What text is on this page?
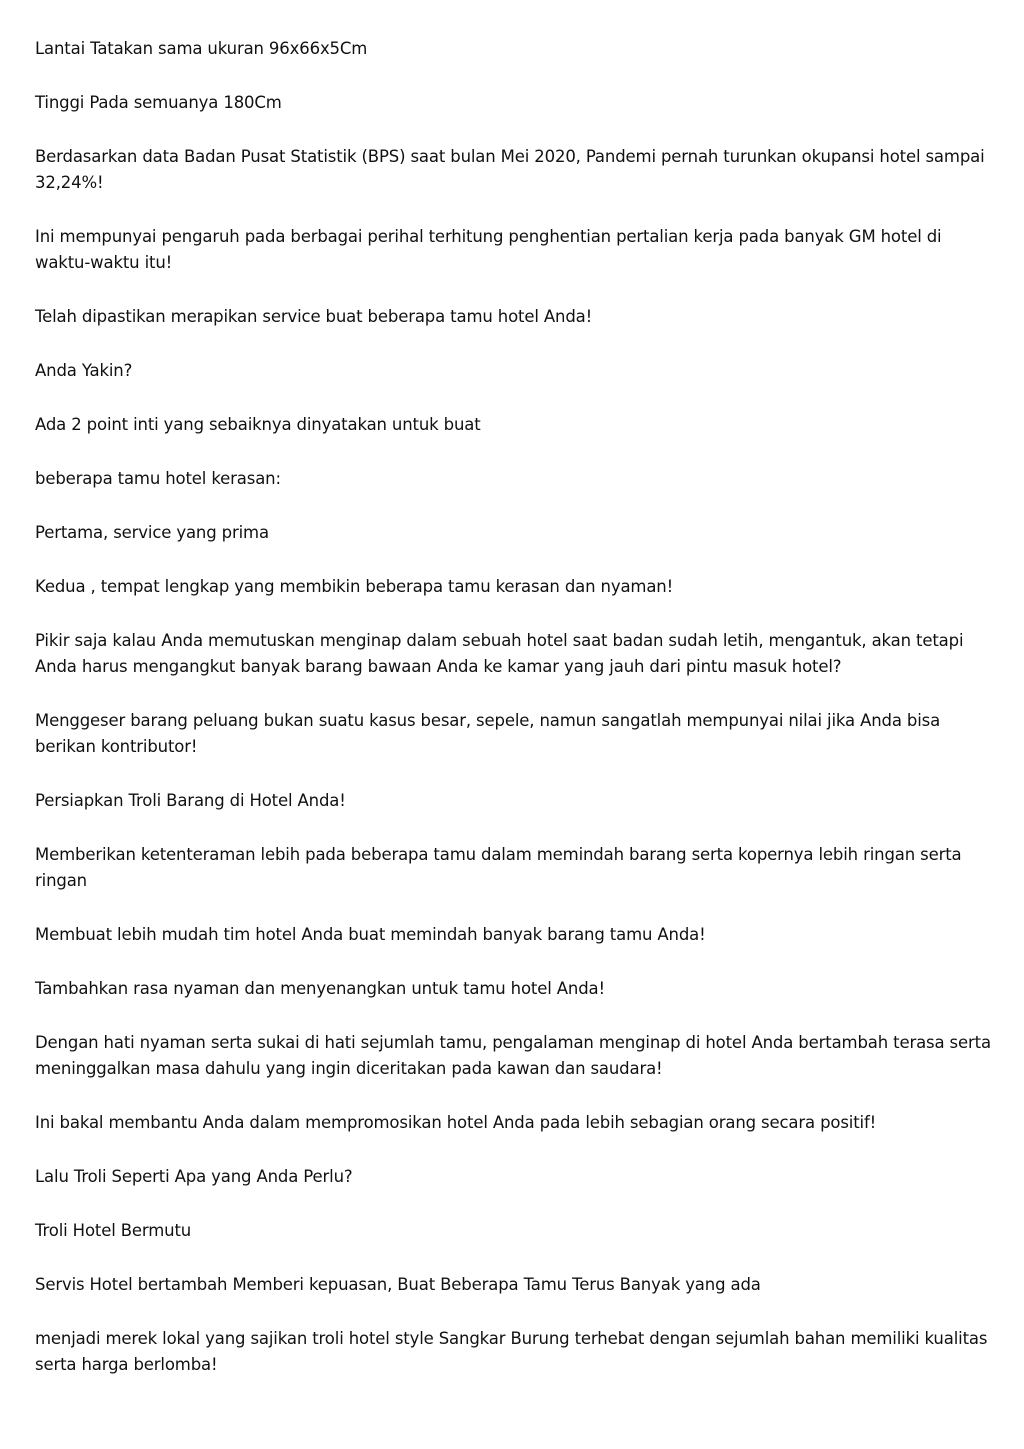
Lantai Tatakan sama ukuran 96x66x5Cm

Tinggi Pada semuanya 180Cm

Berdasarkan data Badan Pusat Statistik (BPS) saat bulan Mei 2020, Pandemi pernah turunkan okupansi hotel sampai 32,24%!

Ini mempunyai pengaruh pada berbagai perihal terhitung penghentian pertalian kerja pada banyak GM hotel di waktu-waktu itu!

Telah dipastikan merapikan service buat beberapa tamu hotel Anda!

Anda Yakin?

Ada 2 point inti yang sebaiknya dinyatakan untuk buat

beberapa tamu hotel kerasan:

Pertama, service yang prima

Kedua , tempat lengkap yang membikin beberapa tamu kerasan dan nyaman!

Pikir saja kalau Anda memutuskan menginap dalam sebuah hotel saat badan sudah letih, mengantuk, akan tetapi Anda harus mengangkut banyak barang bawaan Anda ke kamar yang jauh dari pintu masuk hotel?

Menggeser barang peluang bukan suatu kasus besar, sepele, namun sangatlah mempunyai nilai jika Anda bisa berikan kontributor!

Persiapkan Troli Barang di Hotel Anda!

Memberikan ketenteraman lebih pada beberapa tamu dalam memindah barang serta kopernya lebih ringan serta ringan

Membuat lebih mudah tim hotel Anda buat memindah banyak barang tamu Anda!

Tambahkan rasa nyaman dan menyenangkan untuk tamu hotel Anda!

Dengan hati nyaman serta sukai di hati sejumlah tamu, pengalaman menginap di hotel Anda bertambah terasa serta meninggalkan masa dahulu yang ingin diceritakan pada kawan dan saudara!

Ini bakal membantu Anda dalam mempromosikan hotel Anda pada lebih sebagian orang secara positif!

Lalu Troli Seperti Apa yang Anda Perlu?

Troli Hotel Bermutu

Servis Hotel bertambah Memberi kepuasan, Buat Beberapa Tamu Terus Banyak yang ada

menjadi merek lokal yang sajikan troli hotel style Sangkar Burung terhebat dengan sejumlah bahan memiliki kualitas serta harga berlomba!
